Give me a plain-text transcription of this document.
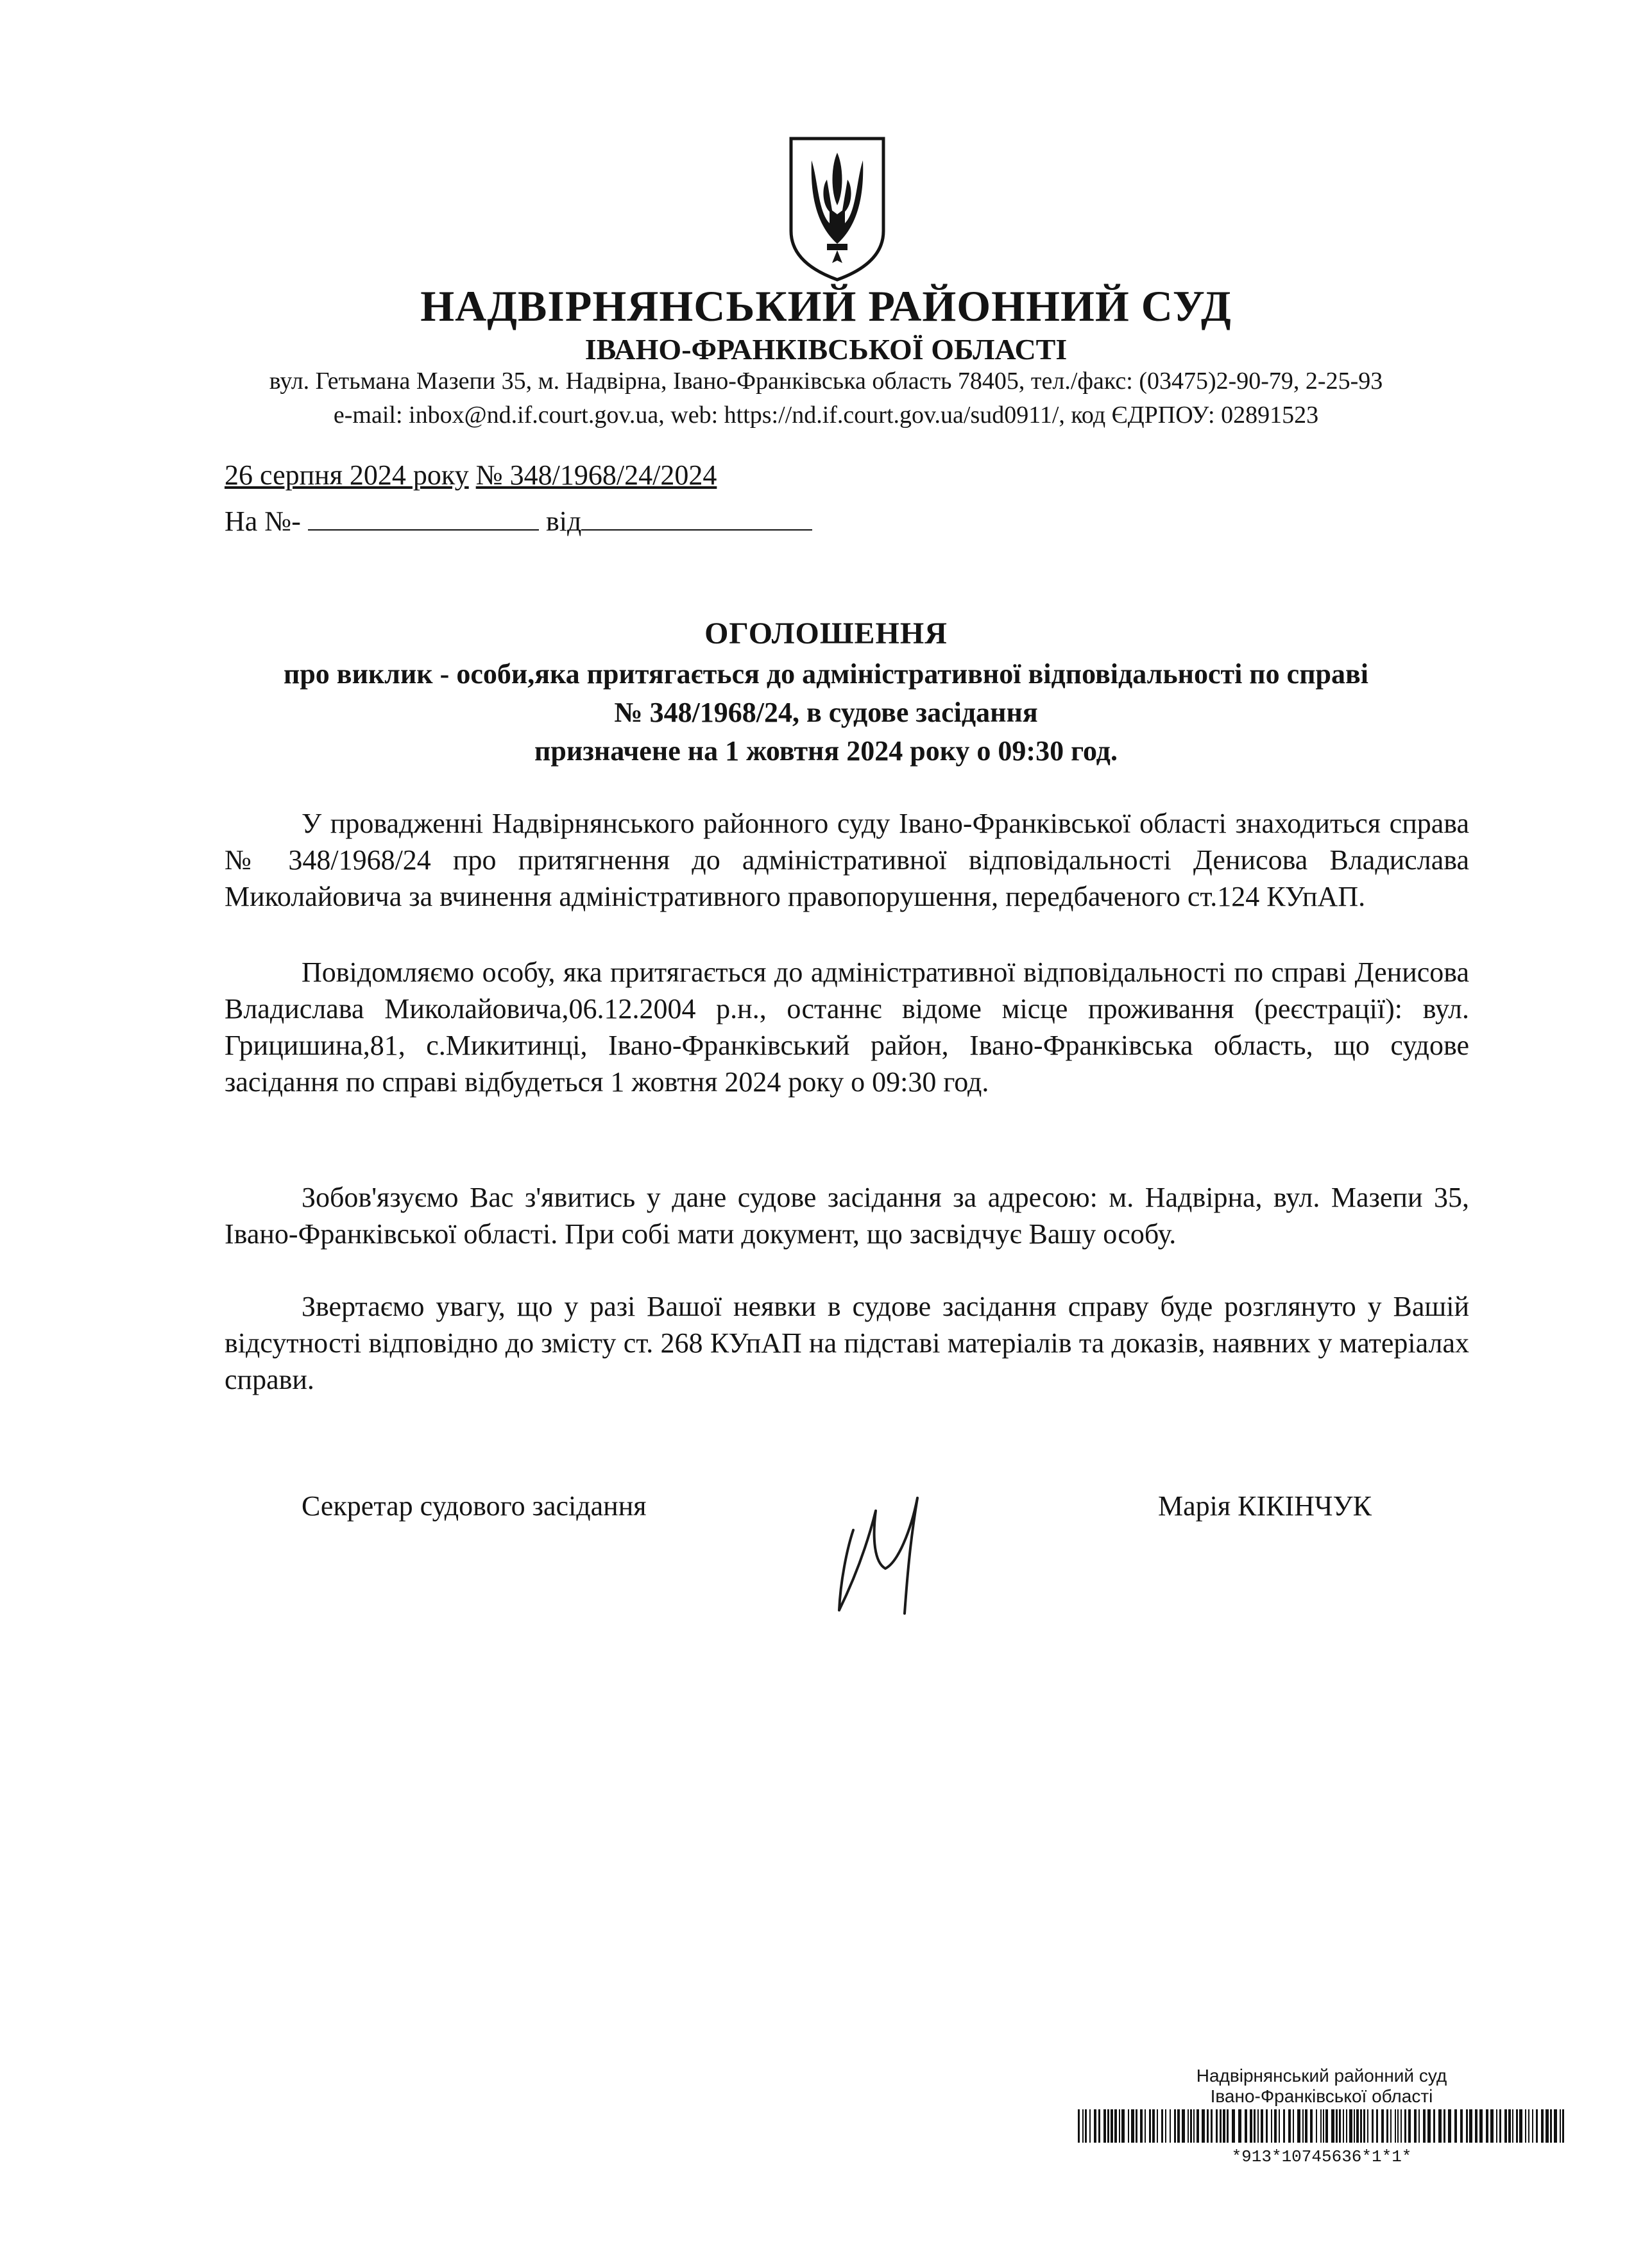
НАДВІРНЯНСЬКИЙ РАЙОННИЙ СУД
ІВАНО-ФРАНКІВСЬКОЇ ОБЛАСТІ
вул. Гетьмана Мазепи 35, м. Надвірна, Івано-Франківська область 78405, тел./факс: (03475)2-90-79, 2-25-93
e-mail: inbox@nd.if.court.gov.ua, web: https://nd.if.court.gov.ua/sud0911/, код ЄДРПОУ: 02891523
26 серпня 2024 року № 348/1968/24/2024
На №-	від
ОГОЛОШЕННЯ
про виклик - особи,яка притягається до адміністративної відповідальності по справі
№ 348/1968/24, в судове засідання
призначене на 1 жовтня 2024 року о 09:30 год.
У провадженні Надвірнянського районного суду Івано-Франківської області знаходиться справа № 348/1968/24 про притягнення до адміністративної відповідальності Денисова Владислава Миколайовича за вчинення адміністративного правопорушення, передбаченого ст.124 КУпАП.
Повідомляємо особу, яка притягається до адміністративної відповідальності по справі Денисова Владислава Миколайовича,06.12.2004 р.н., останнє відоме місце проживання (реєстрації): вул. Грицишина,81, с.Микитинці, Івано-Франківський район, Івано-Франківська область, що судове засідання по справі відбудеться 1 жовтня 2024 року о 09:30 год.
Зобов'язуємо Вас з'явитись у дане судове засідання за адресою: м. Надвірна, вул. Мазепи 35, Івано-Франківської області. При собі мати документ, що засвідчує Вашу особу.
Звертаємо увагу, що у разі Вашої неявки в судове засідання справу буде розглянуто у Вашій відсутності відповідно до змісту ст. 268 КУпАП на підставі матеріалів та доказів, наявних у матеріалах справи.
Секретар судового засідання	Марія КІКІНЧУК
Надвірнянський районний суд
Івано-Франківської області
*913*10745636*1*1*
